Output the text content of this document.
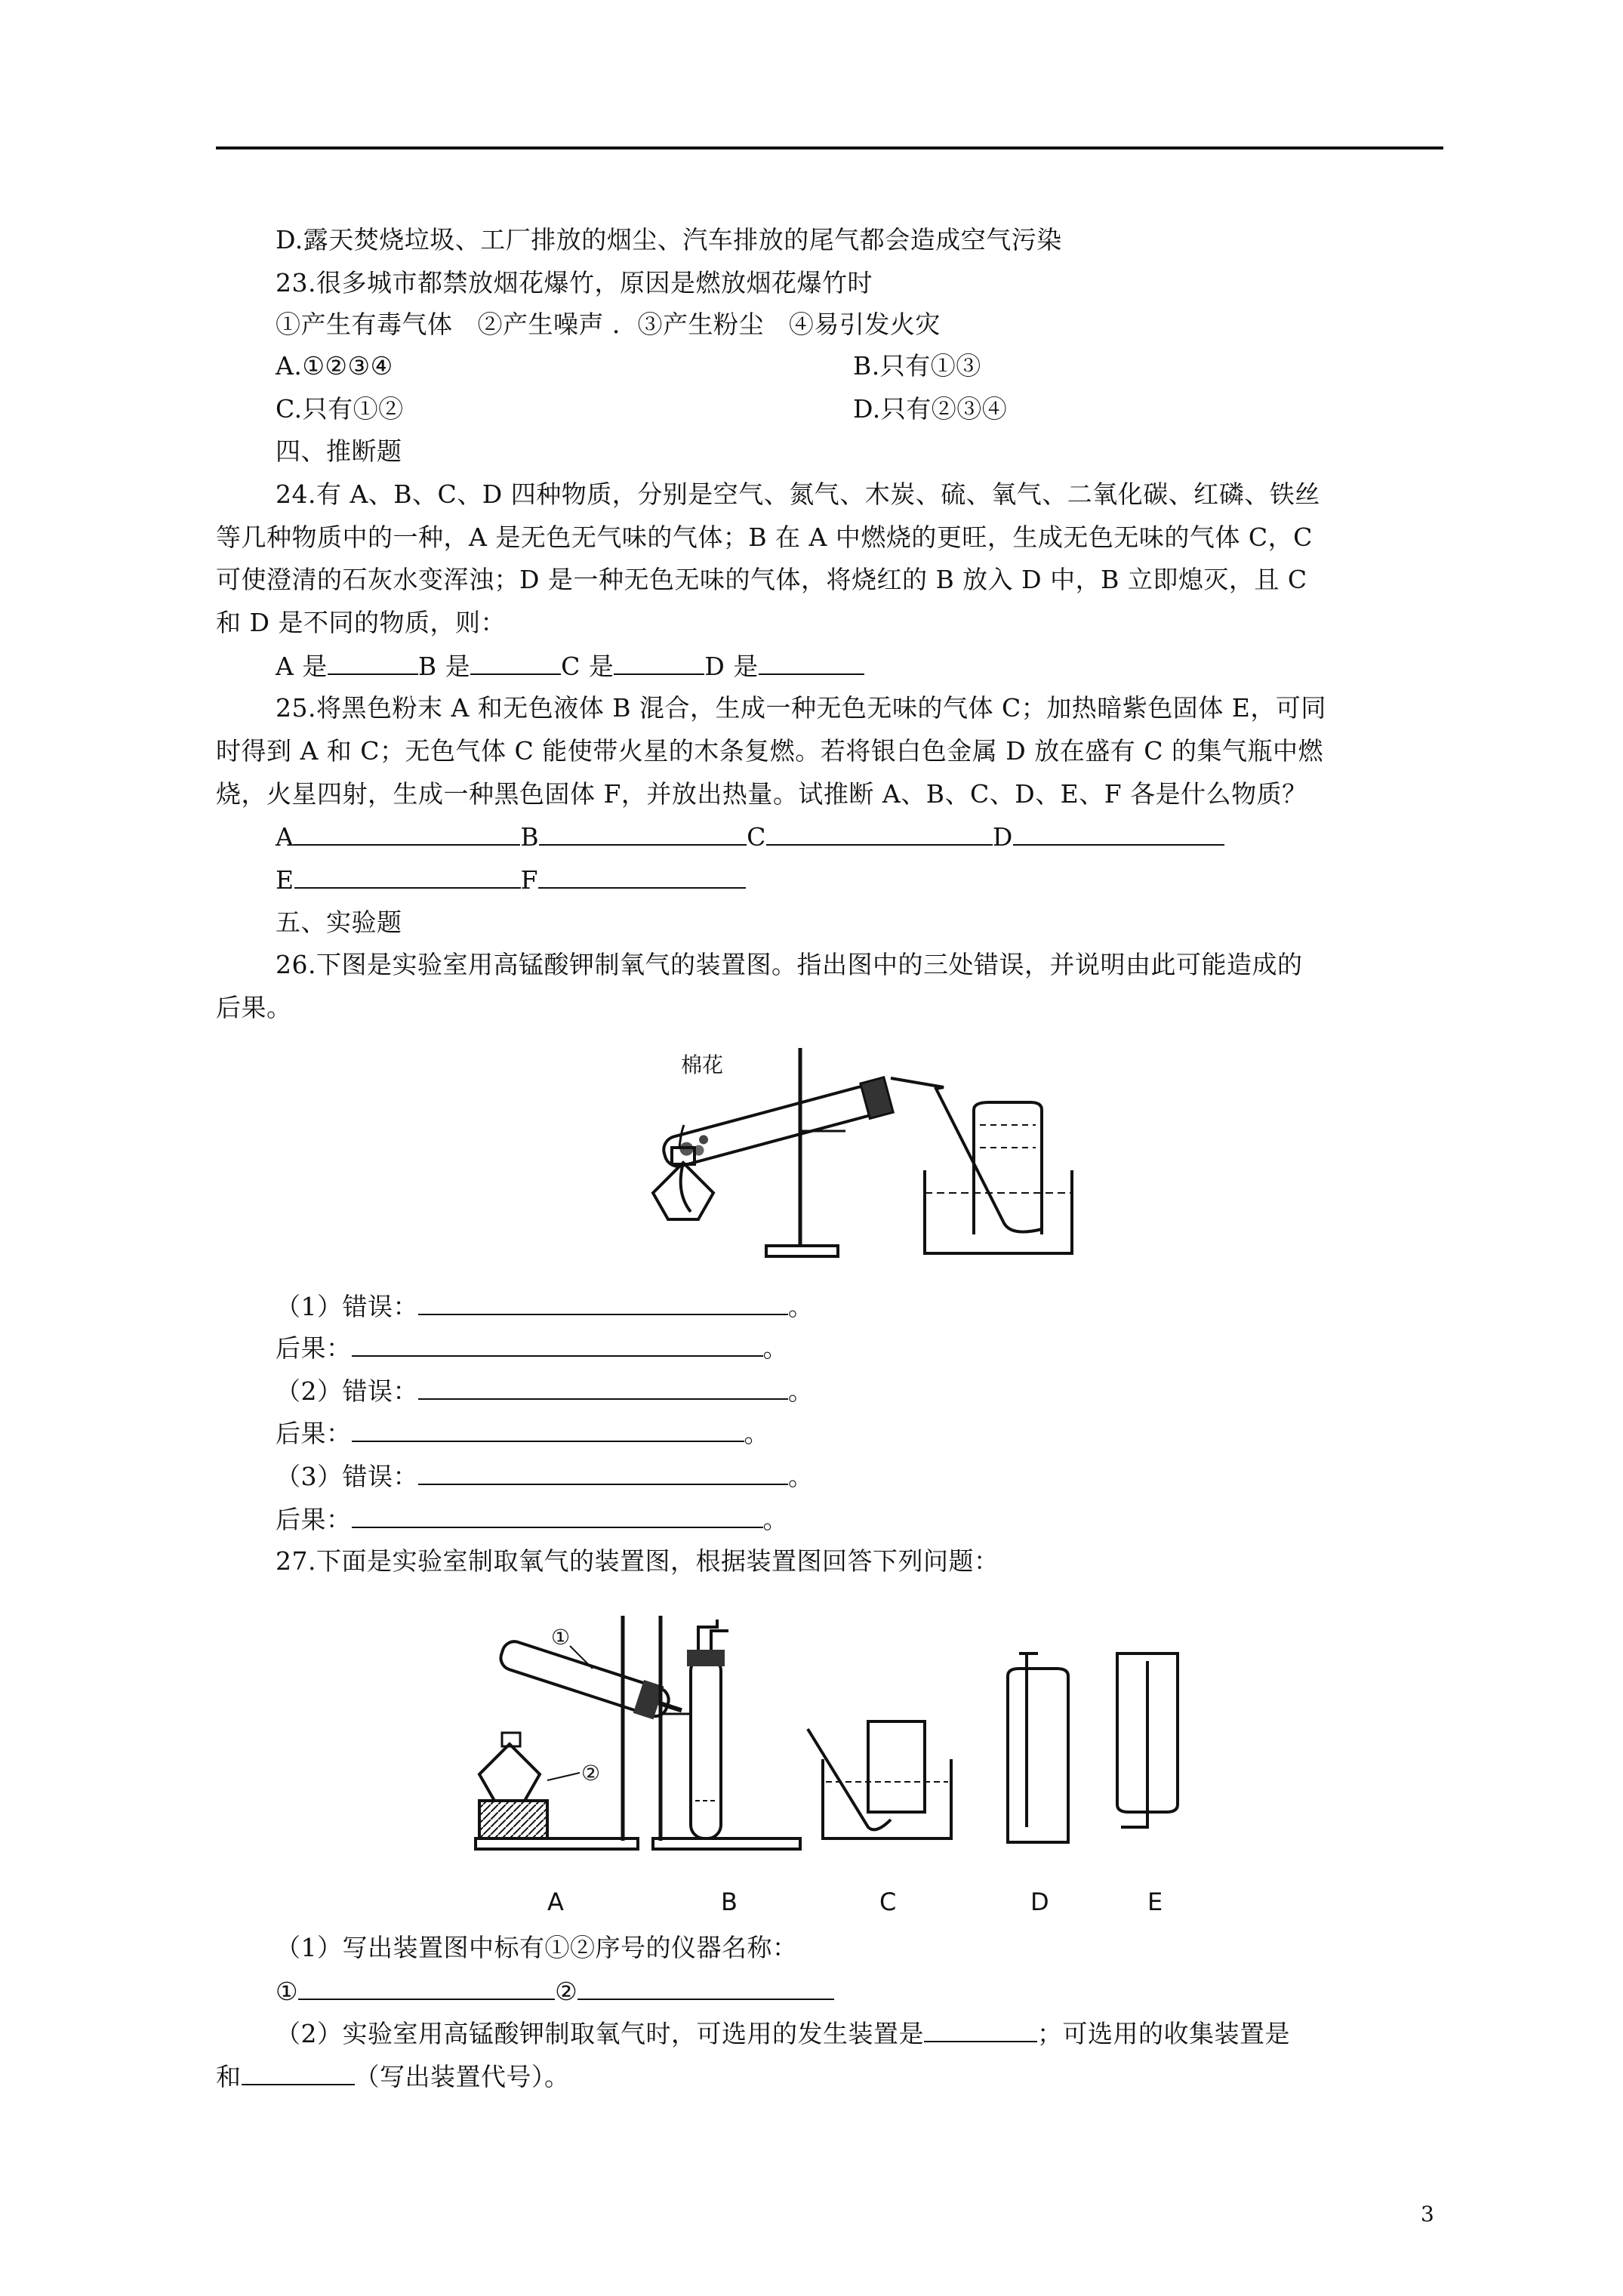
D.露天焚烧垃圾、工厂排放的烟尘、汽车排放的尾气都会造成空气污染
23.很多城市都禁放烟花爆竹，原因是燃放烟花爆竹时
①产生有毒气体   ②产生噪声 ．③产生粉尘   ④易引发火灾
A.①②③④	B.只有①③
C.只有①②	D.只有②③④
四、推断题
24.有 A、B、C、D 四种物质，分别是空气、氮气、木炭、硫、氧气、二氧化碳、红磷、铁丝
等几种物质中的一种，A 是无色无气味的气体；B 在 A 中燃烧的更旺，生成无色无味的气体 C，C
可使澄清的石灰水变浑浊；D 是一种无色无味的气体，将烧红的 B 放入 D 中，B 立即熄灭，且 C
和 D 是不同的物质，则：
A 是	B 是	C 是	D 是
25.将黑色粉末 A 和无色液体 B 混合，生成一种无色无味的气体 C；加热暗紫色固体 E，可同
时得到 A 和 C；无色气体 C 能使带火星的木条复燃。若将银白色金属 D 放在盛有 C 的集气瓶中燃
烧，火星四射，生成一种黑色固体 F，并放出热量。试推断 A、B、C、D、E、F 各是什么物质？
A	B	C	D
E	F
五、实验题
26.下图是实验室用高锰酸钾制氧气的装置图。指出图中的三处错误，并说明由此可能造成的
后果。
棉花
（1）错误：	。
后果：	。
（2）错误：	。
后果：	。
（3）错误：	。
后果：	。
27.下面是实验室制取氧气的装置图，根据装置图回答下列问题：
①
②
A	B	C	D	E
（1）写出装置图中标有①②序号的仪器名称：
①	②
（2）实验室用高锰酸钾制取氧气时，可选用的发生装置是	；可选用的收集装置是
和	（写出装置代号）。
3
